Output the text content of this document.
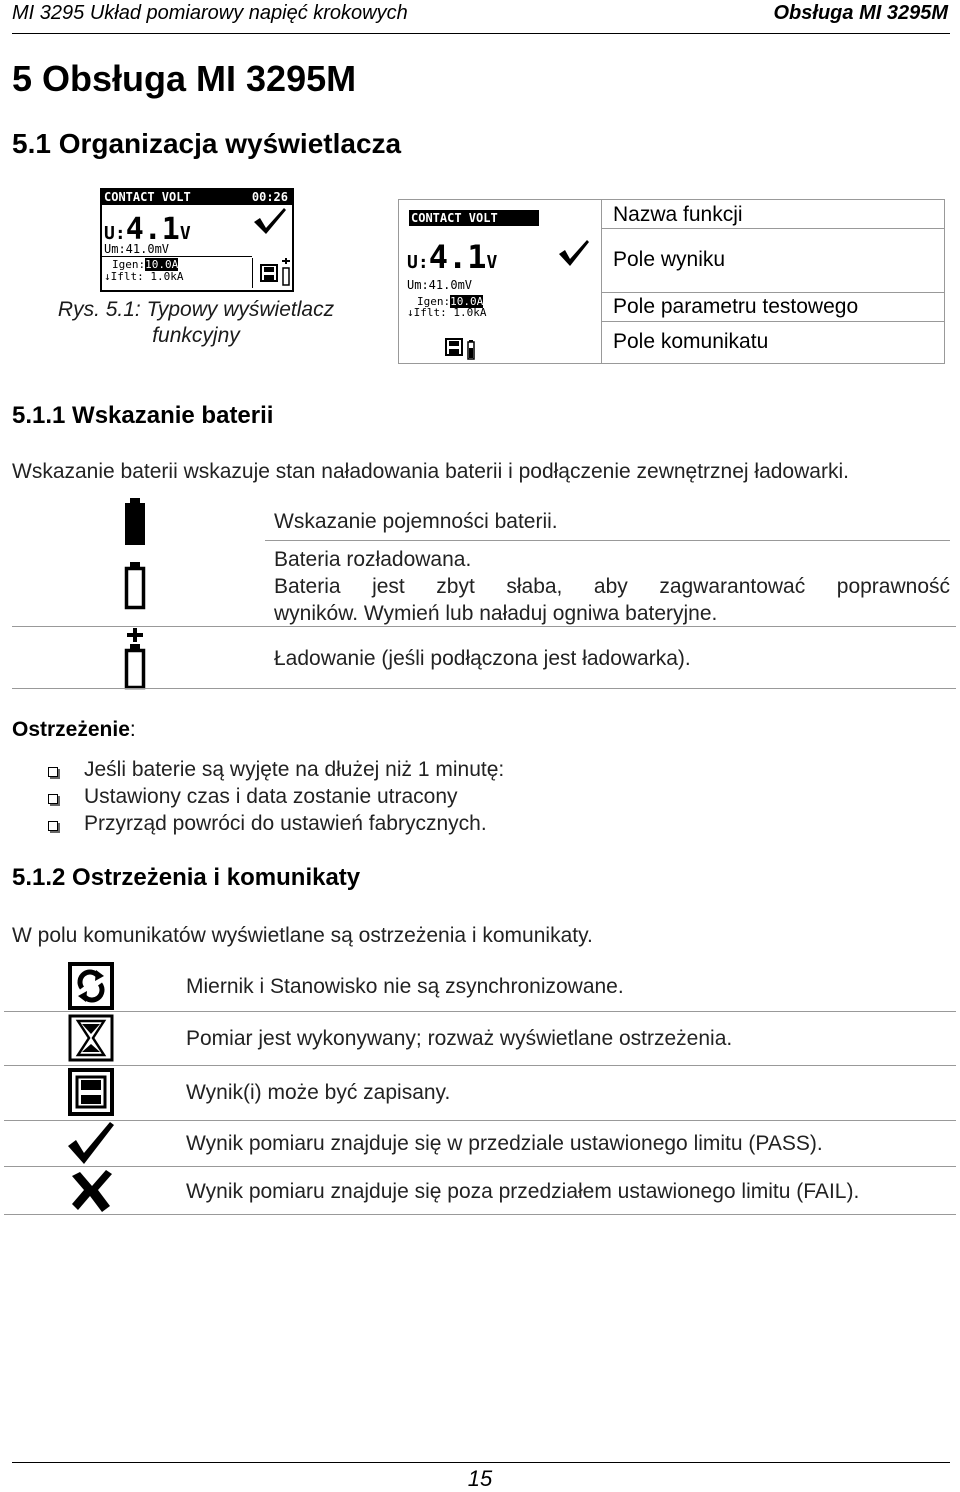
MI 3295 Układ pomiarowy napięć krokowych	Obsługa MI 3295M
5 Obsługa MI 3295M
5.1 Organizacja wyświetlacza
CONTACT VOLT	00:26
U:4.1V
Um:41.0mV
Igen:10.0A
↓Iflt: 1.0kA
Rys. 5.1: Typowy wyświetlacz
funkcyjny
CONTACT VOLT
U:4.1V
Um:41.0mV
Igen:10.0A
↓Iflt: 1.0kA
Nazwa funkcji
Pole wyniku
Pole parametru testowego
Pole komunikatu
5.1.1 Wskazanie baterii
Wskazanie baterii wskazuje stan naładowania baterii i podłączenie zewnętrznej ładowarki.
Wskazanie pojemności baterii.
Bateria rozładowana.
Bateria jest zbyt słaba, aby zagwarantować poprawność
wyników. Wymień lub naładuj ogniwa bateryjne.
Ładowanie (jeśli podłączona jest ładowarka).
Ostrzeżenie:
Jeśli baterie są wyjęte na dłużej niż 1 minutę:
Ustawiony czas i data zostanie utracony
Przyrząd powróci do ustawień fabrycznych.
5.1.2 Ostrzeżenia i komunikaty
W polu komunikatów wyświetlane są ostrzeżenia i komunikaty.
Miernik i Stanowisko nie są zsynchronizowane.
Pomiar jest wykonywany; rozważ wyświetlane ostrzeżenia.
Wynik(i) może być zapisany.
Wynik pomiaru znajduje się w przedziale ustawionego limitu (PASS).
Wynik pomiaru znajduje się poza przedziałem ustawionego limitu (FAIL).
15
